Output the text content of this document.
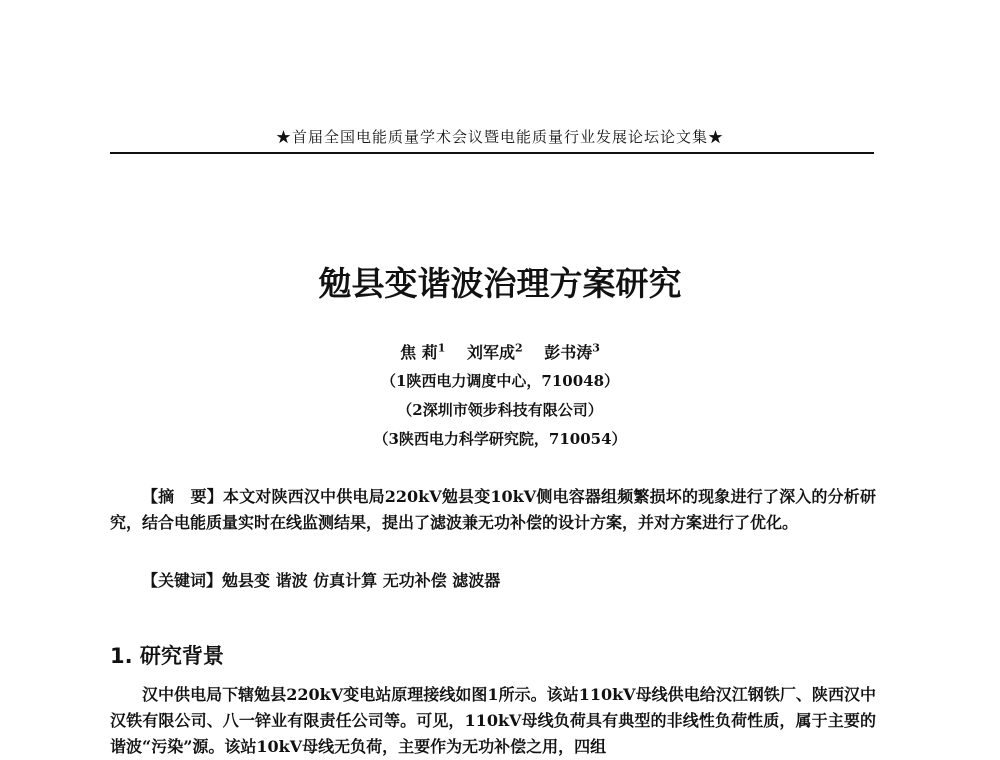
★首届全国电能质量学术会议暨电能质量行业发展论坛论文集★
勉县变谐波治理方案研究
焦 莉$^1$ 刘军成$^2$ 彭书涛$^3$
（1陕西电力调度中心，710048）
（2深圳市领步科技有限公司）
（3陕西电力科学研究院，710054）
【摘　要】本文对陕西汉中供电局220kV勉县变10kV侧电容器组频繁损坏的现象进行了深入的分析研究，结合电能质量实时在线监测结果，提出了滤波兼无功补偿的设计方案，并对方案进行了优化。
【关键词】勉县变 谐波 仿真计算 无功补偿 滤波器
1. 研究背景
汉中供电局下辖勉县220kV变电站原理接线如图1所示。该站110kV母线供电给汉江钢铁厂、陕西汉中汉铁有限公司、八一锌业有限责任公司等。可见，110kV母线负荷具有典型的非线性负荷性质，属于主要的谐波“污染”源。该站10kV母线无负荷，主要作为无功补偿之用，四组
